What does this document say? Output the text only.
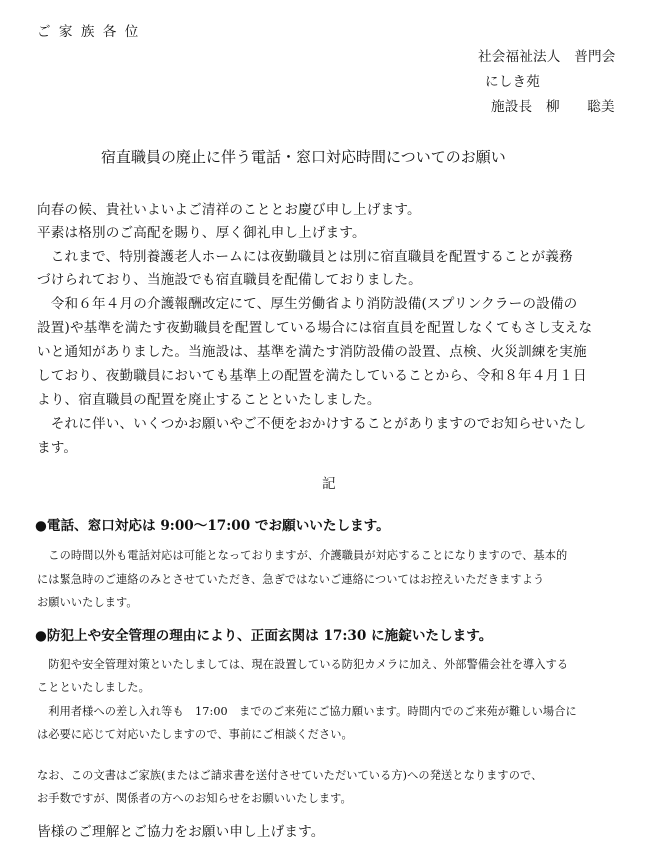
ご 家 族 各 位
社会福祉法人　普門会
にしき苑
施設長　柳　　聡美
宿直職員の廃止に伴う電話・窓口対応時間についてのお願い
向春の候、貴社いよいよご清祥のこととお慶び申し上げます。
平素は格別のご高配を賜り、厚く御礼申し上げます。
　これまで、特別養護老人ホームには夜勤職員とは別に宿直職員を配置することが義務
づけられており、当施設でも宿直職員を配備しておりました。
　令和６年４月の介護報酬改定にて、厚生労働省より消防設備(スプリンクラーの設備の
設置)や基準を満たす夜勤職員を配置している場合には宿直員を配置しなくてもさし支えな
いと通知がありました。当施設は、基準を満たす消防設備の設置、点検、火災訓練を実施
しており、夜勤職員においても基準上の配置を満たしていることから、令和８年４月１日
より、宿直職員の配置を廃止することといたしました。
　それに伴い、いくつかお願いやご不便をおかけすることがありますのでお知らせいたし
ます。
記
●電話、窓口対応は 9:00〜17:00 でお願いいたします。
　この時間以外も電話対応は可能となっておりますが、介護職員が対応することになりますので、基本的
には緊急時のご連絡のみとさせていただき、急ぎではないご連絡についてはお控えいただきますよう
お願いいたします。
●防犯上や安全管理の理由により、正面玄関は 17:30 に施錠いたします。
　防犯や安全管理対策といたしましては、現在設置している防犯カメラに加え、外部警備会社を導入する
ことといたしました。
　利用者様への差し入れ等も　17:00　までのご来苑にご協力願います。時間内でのご来苑が難しい場合に
は必要に応じて対応いたしますので、事前にご相談ください。
なお、この文書はご家族(またはご請求書を送付させていただいている方)への発送となりますので、
お手数ですが、関係者の方へのお知らせをお願いいたします。
皆様のご理解とご協力をお願い申し上げます。
